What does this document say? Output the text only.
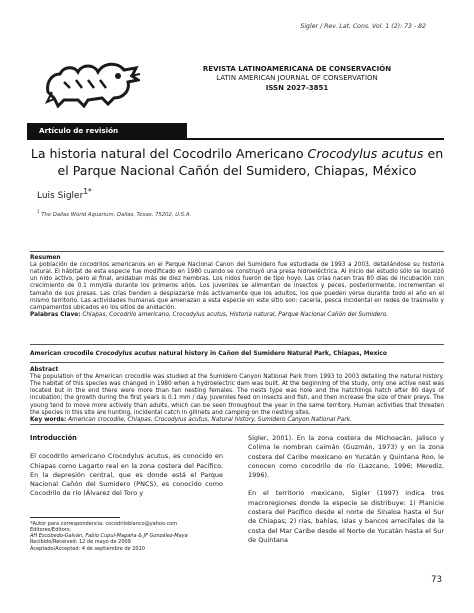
Sigler / Rev. Lat. Cons. Vol. 1 (2): 73 - 82
REVISTA LATINOAMERICANA DE CONSERVACIÓN
LATIN AMERICAN JOURNAL OF CONSERVATION
ISSN 2027-3851
Artículo de revisión
La historia natural del Cocodrilo Americano Crocodylus acutus en el Parque Nacional Cañón del Sumidero, Chiapas, México
Luis Sigler$^{1*}$
$^1$ The Dallas World Aquarium, Dallas, Texas, 75202, U.S.A.
Resumen
La población de cocodrilos americanos en el Parque Nacional Canon del Sumidero fue estudiada de 1993 a 2003, detallándose su historia natural. El hábitat de esta especie fue modificado en 1980 cuando se construyó una presa hidroeléctrica. Al inicio del estudio sólo se localizó un nido activo, pero al final, anidaban más de diez hembras. Los nidos fueron de tipo hoyo. Las crías nacen tras 80 días de incubación con crecimiento de 0.1 mm/día durante los primeros años. Los juveniles se alimentan de insectos y peces, posteriormente, incrementan el tamaño de sus presas. Las crías tienden a desplazarse más activamente que los adultos, los que pueden verse durante todo el año en el mismo territorio. Las actividades humanas que amenazan a esta especie en este sitio son: cacería, pesca incidental en redes de trasmallo y campamentos ubicados en los sitios de anidación.
Palabras Clave: Chiapas, Cocodrilo americano, Crocodylus acutus, Historia natural, Parque Nacional Cañón del Sumidero.
American crocodile Crocodylus acutus natural history in Cañon del Sumidero Natural Park, Chiapas, Mexico
Abstract
The population of the American crocodile was studied at the Sumidero Canyon National Park from 1993 to 2003 detailing the natural history. The habitat of this species was changed in 1980 when a hydroelectric dam was built. At the beginning of the study, only one active nest was located but in the end there were more than ten nesting females. The nests type was hole and the hatchlings hatch after 80 days of incubation; the growth during the first years is 0.1 mm / day. Juveniles feed on insects and fish, and then increase the size of their preys. The young tend to move more actively than adults, which can be seen throughout the year in the same territory. Human activities that threaten the species in this site are hunting, incidental catch in gillnets and camping on the nesting sites.
Key words: American crocodile, Chiapas, Crocodylus acutus, Natural history, Sumidero Canyon National Park.
Introducción
El cocodrilo americano Crocodylus acutus, es conocido en Chiapas como Lagarto real en la zona costera del Pacífico. En la depresión central, que es donde está el Parque Nacional Cañón del Sumidero (PNCS), es conocido como Cocodrilo de río (Álvarez del Toro y
Sigler, 2001). En la zona costera de Michoacán, Jalisco y Colima le nombran caimán (Guzmán, 1973) y en la zona costera del Caribe mexicano en Yucatán y Quintana Roo, le conocen como cocodrilo de río (Lazcano, 1996; Merediz, 1996).
En el territorio mexicano, Sigler (1997) indica tres macroregiones donde la especie se distribuye: 1) Planicie costera del Pacífico desde el norte de Sinaloa hasta el Sur de Chiapas; 2) rías, bahías, islas y bancos arrecifales de la costa del Mar Caribe desde el Norte de Yucatán hasta el Sur de Quintana
*Autor para correspondencia: cocodriloblanco@yahoo.com
Editores/Editors:
AH Escobedo-Galván, Fabio Cupul-Magaña & JF González-Maya
Recibido/Received: 12 de mayo de 2009
Aceptado/Accepted: 4 de septiembre de 2010
73
